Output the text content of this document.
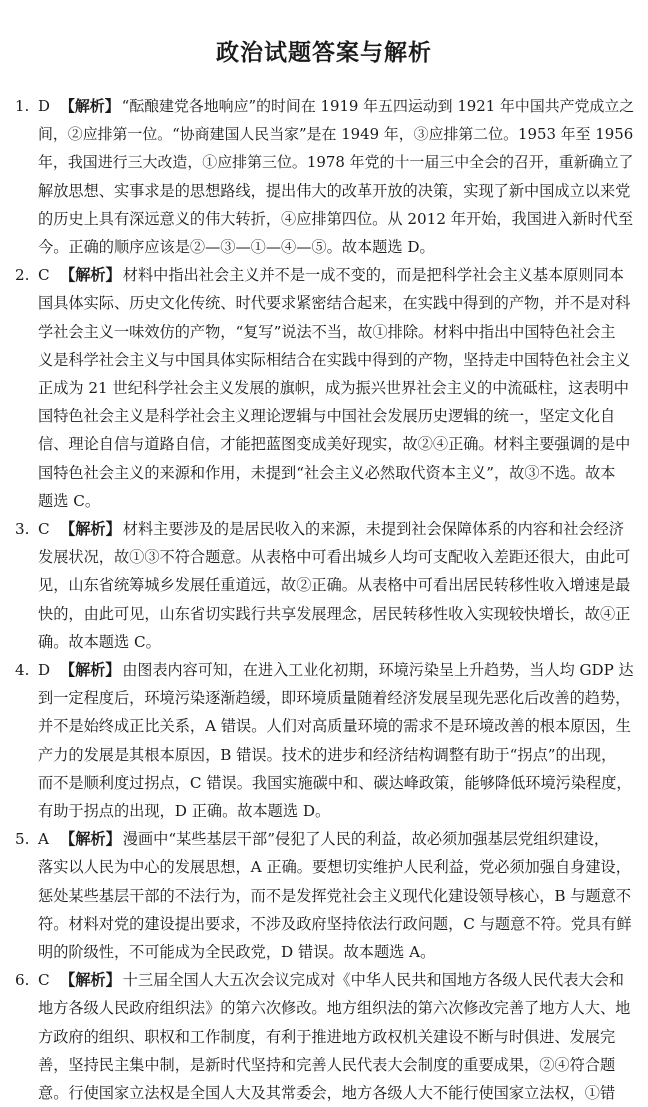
政治试题答案与解析
1. D 【解析】 “酝酿建党各地响应”的时间在 1919 年五四运动到 1921 年中国共产党成立之
间，②应排第一位。“协商建国人民当家”是在 1949 年，③应排第二位。1953 年至 1956
年，我国进行三大改造，①应排第三位。1978 年党的十一届三中全会的召开，重新确立了
解放思想、实事求是的思想路线，提出伟大的改革开放的决策，实现了新中国成立以来党
的历史上具有深远意义的伟大转折，④应排第四位。从 2012 年开始，我国进入新时代至
今。正确的顺序应该是②—③—①—④—⑤。故本题选 D。
2. C 【解析】 材料中指出社会主义并不是一成不变的，而是把科学社会主义基本原则同本
国具体实际、历史文化传统、时代要求紧密结合起来，在实践中得到的产物，并不是对科
学社会主义一味效仿的产物，“复写”说法不当，故①排除。材料中指出中国特色社会主
义是科学社会主义与中国具体实际相结合在实践中得到的产物，坚持走中国特色社会主义
正成为 21 世纪科学社会主义发展的旗帜，成为振兴世界社会主义的中流砥柱，这表明中
国特色社会主义是科学社会主义理论逻辑与中国社会发展历史逻辑的统一，坚定文化自
信、理论自信与道路自信，才能把蓝图变成美好现实，故②④正确。材料主要强调的是中
国特色社会主义的来源和作用，未提到“社会主义必然取代资本主义”，故③不选。故本
题选 C。
3. C 【解析】 材料主要涉及的是居民收入的来源，未提到社会保障体系的内容和社会经济
发展状况，故①③不符合题意。从表格中可看出城乡人均可支配收入差距还很大，由此可
见，山东省统筹城乡发展任重道远，故②正确。从表格中可看出居民转移性收入增速是最
快的，由此可见，山东省切实践行共享发展理念，居民转移性收入实现较快增长，故④正
确。故本题选 C。
4. D 【解析】 由图表内容可知，在进入工业化初期，环境污染呈上升趋势，当人均 GDP 达
到一定程度后，环境污染逐渐趋缓，即环境质量随着经济发展呈现先恶化后改善的趋势，
并不是始终成正比关系，A 错误。人们对高质量环境的需求不是环境改善的根本原因，生
产力的发展是其根本原因，B 错误。技术的进步和经济结构调整有助于“拐点”的出现，
而不是顺利度过拐点，C 错误。我国实施碳中和、碳达峰政策，能够降低环境污染程度，
有助于拐点的出现，D 正确。故本题选 D。
5. A 【解析】 漫画中“某些基层干部”侵犯了人民的利益，故必须加强基层党组织建设，
落实以人民为中心的发展思想，A 正确。要想切实维护人民利益，党必须加强自身建设，
惩处某些基层干部的不法行为，而不是发挥党社会主义现代化建设领导核心，B 与题意不
符。材料对党的建设提出要求，不涉及政府坚持依法行政问题，C 与题意不符。党具有鲜
明的阶级性，不可能成为全民政党，D 错误。故本题选 A。
6. C 【解析】 十三届全国人大五次会议完成对《中华人民共和国地方各级人民代表大会和
地方各级人民政府组织法》的第六次修改。地方组织法的第六次修改完善了地方人大、地
方政府的组织、职权和工作制度，有利于推进地方政权机关建设不断与时俱进、发展完
善，坚持民主集中制，是新时代坚持和完善人民代表大会制度的重要成果，②④符合题
意。行使国家立法权是全国人大及其常委会，地方各级人大不能行使国家立法权，①错
